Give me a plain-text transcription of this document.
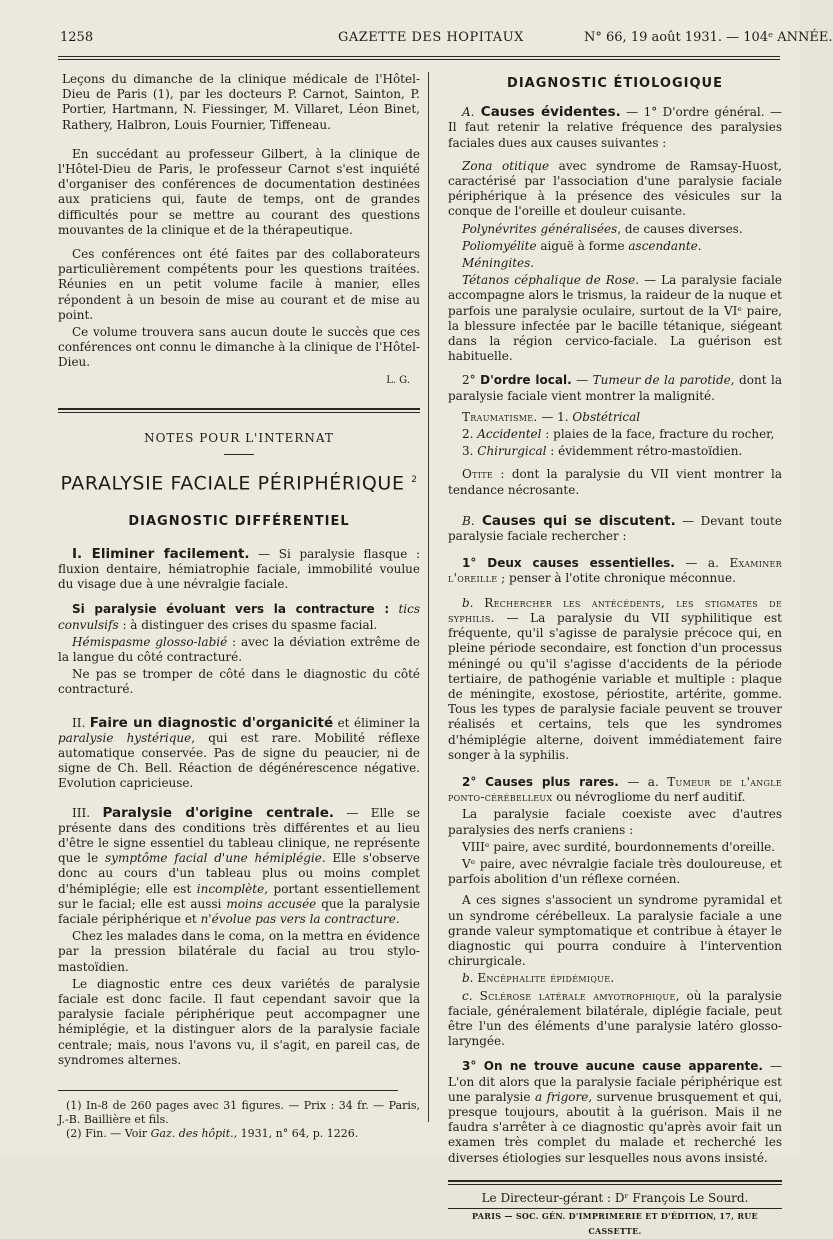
1258	GAZETTE DES HOPITAUX	N° 66, 19 août 1931. — 104ᵉ ANNÉE.

Leçons du dimanche de la clinique médicale de l'Hôtel-Dieu de Paris (1), par les docteurs P. Carnot, Sainton, P. Portier, Hartmann, N. Fiessinger, M. Villaret, Léon Binet, Rathery, Halbron, Louis Fournier, Tiffeneau.

En succédant au professeur Gilbert, à la clinique de l'Hôtel-Dieu de Paris, le professeur Carnot s'est inquiété d'organiser des conférences de documentation destinées aux praticiens qui, faute de temps, ont de grandes difficultés pour se mettre au courant des questions mouvantes de la clinique et de la thérapeutique.

Ces conférences ont été faites par des collaborateurs particulièrement compétents pour les questions traitées. Réunies en un petit volume facile à manier, elles répondent à un besoin de mise au courant et de mise au point.

Ce volume trouvera sans aucun doute le succès que ces conférences ont connu le dimanche à la clinique de l'Hôtel-Dieu.

L. G.
NOTES POUR L'INTERNAT
PARALYSIE FACIALE PÉRIPHÉRIQUE $^2$
DIAGNOSTIC DIFFÉRENTIEL

I. Eliminer facilement. — Si paralysie flasque : fluxion dentaire, hémiatrophie faciale, immobilité voulue du visage due à une névralgie faciale.

Si paralysie évoluant vers la contracture : tics convulsifs : à distinguer des crises du spasme facial.

Hémispasme glosso-labié : avec la déviation extrême de la langue du côté contracturé.

Ne pas se tromper de côté dans le diagnostic du côté contracturé.

II. Faire un diagnostic d'organicité et éliminer la paralysie hystérique, qui est rare. Mobilité réflexe automatique conservée. Pas de signe du peaucier, ni de signe de Ch. Bell. Réaction de dégénérescence négative. Evolution capricieuse.

III. Paralysie d'origine centrale. — Elle se présente dans des conditions très différentes et au lieu d'être le signe essentiel du tableau clinique, ne représente que le symptôme facial d'une hémiplégie. Elle s'observe donc au cours d'un tableau plus ou moins complet d'hémiplégie; elle est incomplète, portant essentiellement sur le facial; elle est aussi moins accusée que la paralysie faciale périphérique et n'évolue pas vers la contracture.

Chez les malades dans le coma, on la mettra en évidence par la pression bilatérale du facial au trou stylo-mastoïdien.

Le diagnostic entre ces deux variétés de paralysie faciale est donc facile. Il faut cependant savoir que la paralysie faciale périphérique peut accompagner une hémiplégie, et la distinguer alors de la paralysie faciale centrale; mais, nous l'avons vu, il s'agit, en pareil cas, de syndromes alternes.

(1) In-8 de 260 pages avec 31 figures. — Prix : 34 fr. — Paris, J.-B. Baillière et fils.

(2) Fin. — Voir Gaz. des hôpit., 1931, n° 64, p. 1226.

DIAGNOSTIC ÉTIOLOGIQUE

A. Causes évidentes. — 1° D'ordre général. — Il faut retenir la relative fréquence des paralysies faciales dues aux causes suivantes :

Zona otitique avec syndrome de Ramsay-Huost, caractérisé par l'association d'une paralysie faciale périphérique à la présence des vésicules sur la conque de l'oreille et douleur cuisante.

Polynévrites généralisées, de causes diverses.

Poliomyélite aiguë à forme ascendante.

Méningites.

Tétanos céphalique de Rose. — La paralysie faciale accompagne alors le trismus, la raideur de la nuque et parfois une paralysie oculaire, surtout de la VIᵉ paire, la blessure infectée par le bacille tétanique, siégeant dans la région cervico-faciale. La guérison est habituelle.

2° D'ordre local. — Tumeur de la parotide, dont la paralysie faciale vient montrer la malignité.

Traumatisme. — 1. Obstétrical

2. Accidentel : plaies de la face, fracture du rocher,

3. Chirurgical : évidemment rétro-mastoïdien.

Otite : dont la paralysie du VII vient montrer la tendance nécrosante.

B. Causes qui se discutent. — Devant toute paralysie faciale rechercher :

1° Deux causes essentielles. — a. Examiner l'oreille ; penser à l'otite chronique méconnue.

b. Rechercher les antécédents, les stigmates de syphilis. — La paralysie du VII syphilitique est fréquente, qu'il s'agisse de paralysie précoce qui, en pleine période secondaire, est fonction d'un processus méningé ou qu'il s'agisse d'accidents de la période tertiaire, de pathogénie variable et multiple : plaque de méningite, exostose, périostite, artérite, gomme. Tous les types de paralysie faciale peuvent se trouver réalisés et certains, tels que les syndromes d'hémiplégie alterne, doivent immédiatement faire songer à la syphilis.

2° Causes plus rares. — a. Tumeur de l'angle ponto-cérébelleux ou névrogliome du nerf auditif.

La paralysie faciale coexiste avec d'autres paralysies des nerfs craniens :

VIIIᵉ paire, avec surdité, bourdonnements d'oreille.

Vᵉ paire, avec névralgie faciale très douloureuse, et parfois abolition d'un réflexe cornéen.

A ces signes s'associent un syndrome pyramidal et un syndrome cérébelleux. La paralysie faciale a une grande valeur symptomatique et contribue à étayer le diagnostic qui pourra conduire à l'intervention chirurgicale.

b. Encéphalite épidémique.

c. Sclérose latérale amyotrophique, où la paralysie faciale, généralement bilatérale, diplégie faciale, peut être l'un des éléments d'une paralysie latéro glosso-laryngée.

3° On ne trouve aucune cause apparente. — L'on dit alors que la paralysie faciale périphérique est une paralysie a frigore, survenue brusquement et qui, presque toujours, aboutit à la guérison. Mais il ne faudra s'arrêter à ce diagnostic qu'après avoir fait un examen très complet du malade et recherché les diverses étiologies sur lesquelles nous avons insisté.

Le Directeur-gérant : Dʳ François Le Sourd.
PARIS — SOC. GÉN. D'IMPRIMERIE ET D'ÉDITION, 17, RUE CASSETTE.
